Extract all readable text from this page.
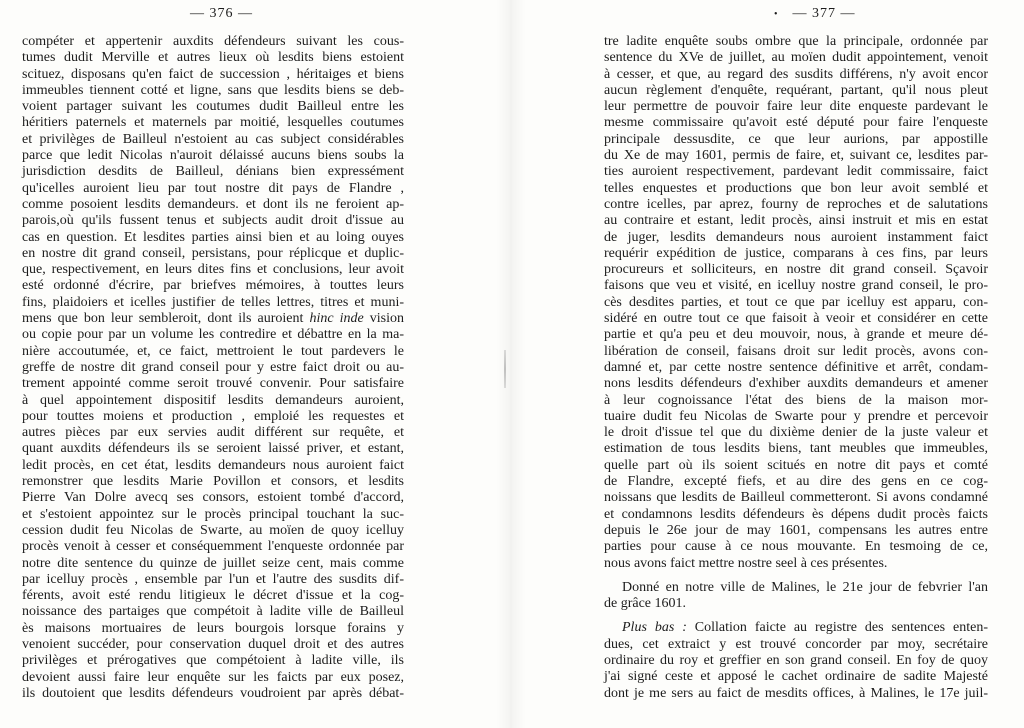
— 376 —
compéter et appertenir auxdits défendeurs suivant les cous-
tumes dudit Merville et autres lieux où lesdits biens estoient
scituez, disposans qu'en faict de succession , héritaiges et biens
immeubles tiennent cotté et ligne, sans que lesdits biens se deb-
voient partager suivant les coutumes dudit Bailleul entre les
héritiers paternels et maternels par moitié, lesquelles coutumes
et privilèges de Bailleul n'estoient au cas subject considérables
parce que ledit Nicolas n'auroit délaissé aucuns biens soubs la
jurisdiction desdits de Bailleul, dénians bien expressément
qu'icelles auroient lieu par tout nostre dit pays de Flandre ,
comme posoient lesdits demandeurs. et dont ils ne feroient ap-
parois,où qu'ils fussent tenus et subjects audit droit d'issue au
cas en question. Et lesdites parties ainsi bien et au loing ouyes
en nostre dit grand conseil, persistans, pour réplicque et duplic-
que, respectivement, en leurs dites fins et conclusions, leur avoit
esté ordonné d'écrire, par briefves mémoires, à touttes leurs
fins, plaidoiers et icelles justifier de telles lettres, titres et muni-
mens que bon leur sembleroit, dont ils auroient hinc inde vision
ou copie pour par un volume les contredire et débattre en la ma-
nière accoutumée, et, ce faict, mettroient le tout pardevers le
greffe de nostre dit grand conseil pour y estre faict droit ou au-
trement appointé comme seroit trouvé convenir. Pour satisfaire
à quel appointement dispositif lesdits demandeurs auroient,
pour touttes moiens et production , emploié les requestes et
autres pièces par eux servies audit différent sur requête, et
quant auxdits défendeurs ils se seroient laissé priver, et estant,
ledit procès, en cet état, lesdits demandeurs nous auroient faict
remonstrer que lesdits Marie Povillon et consors, et lesdits
Pierre Van Dolre avecq ses consors, estoient tombé d'accord,
et s'estoient appointez sur le procès principal touchant la suc-
cession dudit feu Nicolas de Swarte, au moïen de quoy icelluy
procès venoit à cesser et conséquemment l'enqueste ordonnée par
notre dite sentence du quinze de juillet seize cent, mais comme
par icelluy procès , ensemble par l'un et l'autre des susdits dif-
férents, avoit esté rendu litigieux le décret d'issue et la cog-
noissance des partaiges que compétoit à ladite ville de Bailleul
ès maisons mortuaires de leurs bourgois lorsque forains y
venoient succéder, pour conservation duquel droit et des autres
privilèges et prérogatives que compétoient à ladite ville, ils
devoient aussi faire leur enquête sur les faicts par eux posez,
ils doutoient que lesdits défendeurs voudroient par après débat-
• — 377 —
tre ladite enquête soubs ombre que la principale, ordonnée par
sentence du XVe de juillet, au moïen dudit appointement, venoit
à cesser, et que, au regard des susdits différens, n'y avoit encor
aucun règlement d'enquête, requérant, partant, qu'il nous pleut
leur permettre de pouvoir faire leur dite enqueste pardevant le
mesme commissaire qu'avoit esté député pour faire l'enqueste
principale dessusdite, ce que leur aurions, par appostille
du Xe de may 1601, permis de faire, et, suivant ce, lesdites par-
ties auroient respectivement, pardevant ledit commissaire, faict
telles enquestes et productions que bon leur avoit semblé et
contre icelles, par aprez, fourny de reproches et de salutations
au contraire et estant, ledit procès, ainsi instruit et mis en estat
de juger, lesdits demandeurs nous auroient instamment faict
requérir expédition de justice, comparans à ces fins, par leurs
procureurs et solliciteurs, en nostre dit grand conseil. Sçavoir
faisons que veu et visité, en icelluy nostre grand conseil, le pro-
cès desdites parties, et tout ce que par icelluy est apparu, con-
sidéré en outre tout ce que faisoit à veoir et considérer en cette
partie et qu'a peu et deu mouvoir, nous, à grande et meure dé-
libération de conseil, faisans droit sur ledit procès, avons con-
damné et, par cette nostre sentence définitive et arrêt, condam-
nons lesdits défendeurs d'exhiber auxdits demandeurs et amener
à leur cognoissance l'état des biens de la maison mor-
tuaire dudit feu Nicolas de Swarte pour y prendre et percevoir
le droit d'issue tel que du dixième denier de la juste valeur et
estimation de tous lesdits biens, tant meubles que immeubles,
quelle part où ils soient scitués en notre dit pays et comté
de Flandre, excepté fiefs, et au dire des gens en ce cog-
noissans que lesdits de Bailleul commetteront. Si avons condamné
et condamnons lesdits défendeurs ès dépens dudit procès faicts
depuis le 26e jour de may 1601, compensans les autres entre
parties pour cause à ce nous mouvante. En tesmoing de ce,
nous avons faict mettre nostre seel à ces présentes.
Donné en notre ville de Malines, le 21e jour de febvrier l'an
de grâce 1601.
Plus bas : Collation faicte au registre des sentences enten-
dues, cet extraict y est trouvé concorder par moy, secrétaire
ordinaire du roy et greffier en son grand conseil. En foy de quoy
j'ai signé ceste et apposé le cachet ordinaire de sadite Majesté
dont je me sers au faict de mesdits offices, à Malines, le 17e juil-
